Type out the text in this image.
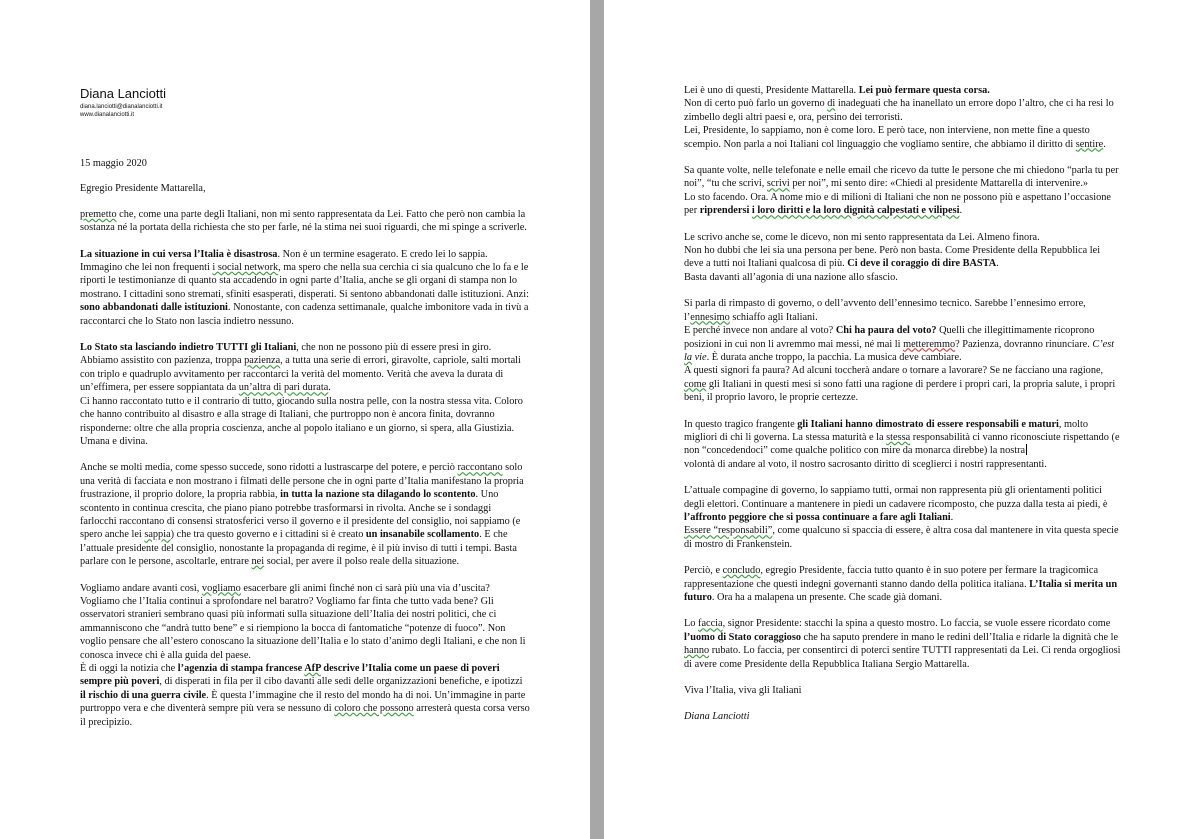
Diana Lanciotti
diana.lanciotti@dianalanciotti.it
www.dianalanciotti.it
15 maggio 2020
Egregio Presidente Mattarella,

premetto che, come una parte degli Italiani, non mi sento rappresentata da Lei. Fatto che però non cambia la sostanza né la portata della richiesta che sto per farle, né la stima nei suoi riguardi, che mi spinge a scriverle.

La situazione in cui versa l’Italia è disastrosa. Non è un termine esagerato. E credo lei lo sappia. Immagino che lei non frequenti i social network, ma spero che nella sua cerchia ci sia qualcuno che lo fa e le riporti le testimonianze di quanto sta accadendo in ogni parte d’Italia, anche se gli organi di stampa non lo mostrano. I cittadini sono stremati, sfiniti esasperati, disperati. Si sentono abbandonati dalle istituzioni. Anzi: sono abbandonati dalle istituzioni. Nonostante, con cadenza settimanale, qualche imbonitore vada in tivù a raccontarci che lo Stato non lascia indietro nessuno.

Lo Stato sta lasciando indietro TUTTI gli Italiani, che non ne possono più di essere presi in giro. Abbiamo assistito con pazienza, troppa pazienza, a tutta una serie di errori, giravolte, capriole, salti mortali con triplo e quadruplo avvitamento per raccontarci la verità del momento. Verità che aveva la durata di un’effimera, per essere soppiantata da un’altra di pari durata.
Ci hanno raccontato tutto e il contrario di tutto, giocando sulla nostra pelle, con la nostra stessa vita. Coloro che hanno contribuito al disastro e alla strage di Italiani, che purtroppo non è ancora finita, dovranno risponderne: oltre che alla propria coscienza, anche al popolo italiano e un giorno, si spera, alla Giustizia. Umana e divina.

Anche se molti media, come spesso succede, sono ridotti a lustrascarpe del potere, e perciò raccontano solo una verità di facciata e non mostrano i filmati delle persone che in ogni parte d’Italia manifestano la propria frustrazione, il proprio dolore, la propria rabbia, in tutta la nazione sta dilagando lo scontento. Uno scontento in continua crescita, che piano piano potrebbe trasformarsi in rivolta. Anche se i sondaggi farlocchi raccontano di consensi stratosferici verso il governo e il presidente del consiglio, noi sappiamo (e spero anche lei sappia) che tra questo governo e i cittadini si è creato un insanabile scollamento. E che l’attuale presidente del consiglio, nonostante la propaganda di regime, è il più inviso di tutti i tempi. Basta parlare con le persone, ascoltarle, entrare nei social, per avere il polso reale della situazione.

Vogliamo andare avanti così, vogliamo esacerbare gli animi finché non ci sarà più una via d’uscita? Vogliamo che l’Italia continui a sprofondare nel baratro? Vogliamo far finta che tutto vada bene? Gli osservatori stranieri sembrano quasi più informati sulla situazione dell’Italia dei nostri politici, che ci ammanniscono che “andrà tutto bene” e si riempiono la bocca di fantomatiche “potenze di fuoco”. Non voglio pensare che all’estero conoscano la situazione dell’Italia e lo stato d’animo degli Italiani, e che non li conosca invece chi è alla guida del paese.
È di oggi la notizia che l’agenzia di stampa francese AfP descrive l’Italia come un paese di poveri sempre più poveri, di disperati in fila per il cibo davanti alle sedi delle organizzazioni benefiche, e ipotizzi il rischio di una guerra civile. È questa l’immagine che il resto del mondo ha di noi. Un’immagine in parte purtroppo vera e che diventerà sempre più vera se nessuno di coloro che possono arresterà questa corsa verso il precipizio.

Lei è uno di questi, Presidente Mattarella. Lei può fermare questa corsa.
Non di certo può farlo un governo di inadeguati che ha inanellato un errore dopo l’altro, che ci ha resi lo zimbello degli altri paesi e, ora, persino dei terroristi.
Lei, Presidente, lo sappiamo, non è come loro. E però tace, non interviene, non mette fine a questo scempio. Non parla a noi Italiani col linguaggio che vogliamo sentire, che abbiamo il diritto di sentire.

Sa quante volte, nelle telefonate e nelle email che ricevo da tutte le persone che mi chiedono “parla tu per noi”, “tu che scrivi, scrivi per noi”, mi sento dire: «Chiedi al presidente Mattarella di intervenire.»
Lo sto facendo. Ora. A nome mio e di milioni di Italiani che non ne possono più e aspettano l’occasione per riprendersi i loro diritti e la loro dignità calpestati e vilipesi.

Le scrivo anche se, come le dicevo, non mi sento rappresentata da Lei. Almeno finora.
Non ho dubbi che lei sia una persona per bene. Però non basta. Come Presidente della Repubblica lei deve a tutti noi Italiani qualcosa di più. Ci deve il coraggio di dire BASTA.
Basta davanti all’agonia di una nazione allo sfascio.

Si parla di rimpasto di governo, o dell’avvento dell’ennesimo tecnico. Sarebbe l’ennesimo errore, l’ennesimo schiaffo agli Italiani.
E perché invece non andare al voto? Chi ha paura del voto? Quelli che illegittimamente ricoprono posizioni in cui non li avremmo mai messi, né mai li metteremmo? Pazienza, dovranno rinunciare. C’est la vie. È durata anche troppo, la pacchia. La musica deve cambiare.
A questi signori fa paura? Ad alcuni toccherà andare o tornare a lavorare? Se ne facciano una ragione, come gli Italiani in questi mesi si sono fatti una ragione di perdere i propri cari, la propria salute, i propri beni, il proprio lavoro, le proprie certezze.

In questo tragico frangente gli Italiani hanno dimostrato di essere responsabili e maturi, molto migliori di chi li governa. La stessa maturità e la stessa responsabilità ci vanno riconosciute rispettando (e non “concedendoci” come qualche politico con mire da monarca direbbe) la nostra
volontà di andare al voto, il nostro sacrosanto diritto di sceglierci i nostri rappresentanti.

L’attuale compagine di governo, lo sappiamo tutti, ormai non rappresenta più gli orientamenti politici degli elettori. Continuare a mantenere in piedi un cadavere ricomposto, che puzza dalla testa ai piedi, è l’affronto peggiore che si possa continuare a fare agli Italiani.
Essere “responsabili”, come qualcuno si spaccia di essere, è altra cosa dal mantenere in vita questa specie di mostro di Frankenstein.

Perciò, e concludo, egregio Presidente, faccia tutto quanto è in suo potere per fermare la tragicomica rappresentazione che questi indegni governanti stanno dando della politica italiana. L’Italia si merita un futuro. Ora ha a malapena un presente. Che scade già domani.

Lo faccia, signor Presidente: stacchi la spina a questo mostro. Lo faccia, se vuole essere ricordato come l’uomo di Stato coraggioso che ha saputo prendere in mano le redini dell’Italia e ridarle la dignità che le hanno rubato. Lo faccia, per consentirci di poterci sentire TUTTI rappresentati da Lei. Ci renda orgogliosi di avere come Presidente della Repubblica Italiana Sergio Mattarella.

Viva l’Italia, viva gli Italiani

Diana Lanciotti
